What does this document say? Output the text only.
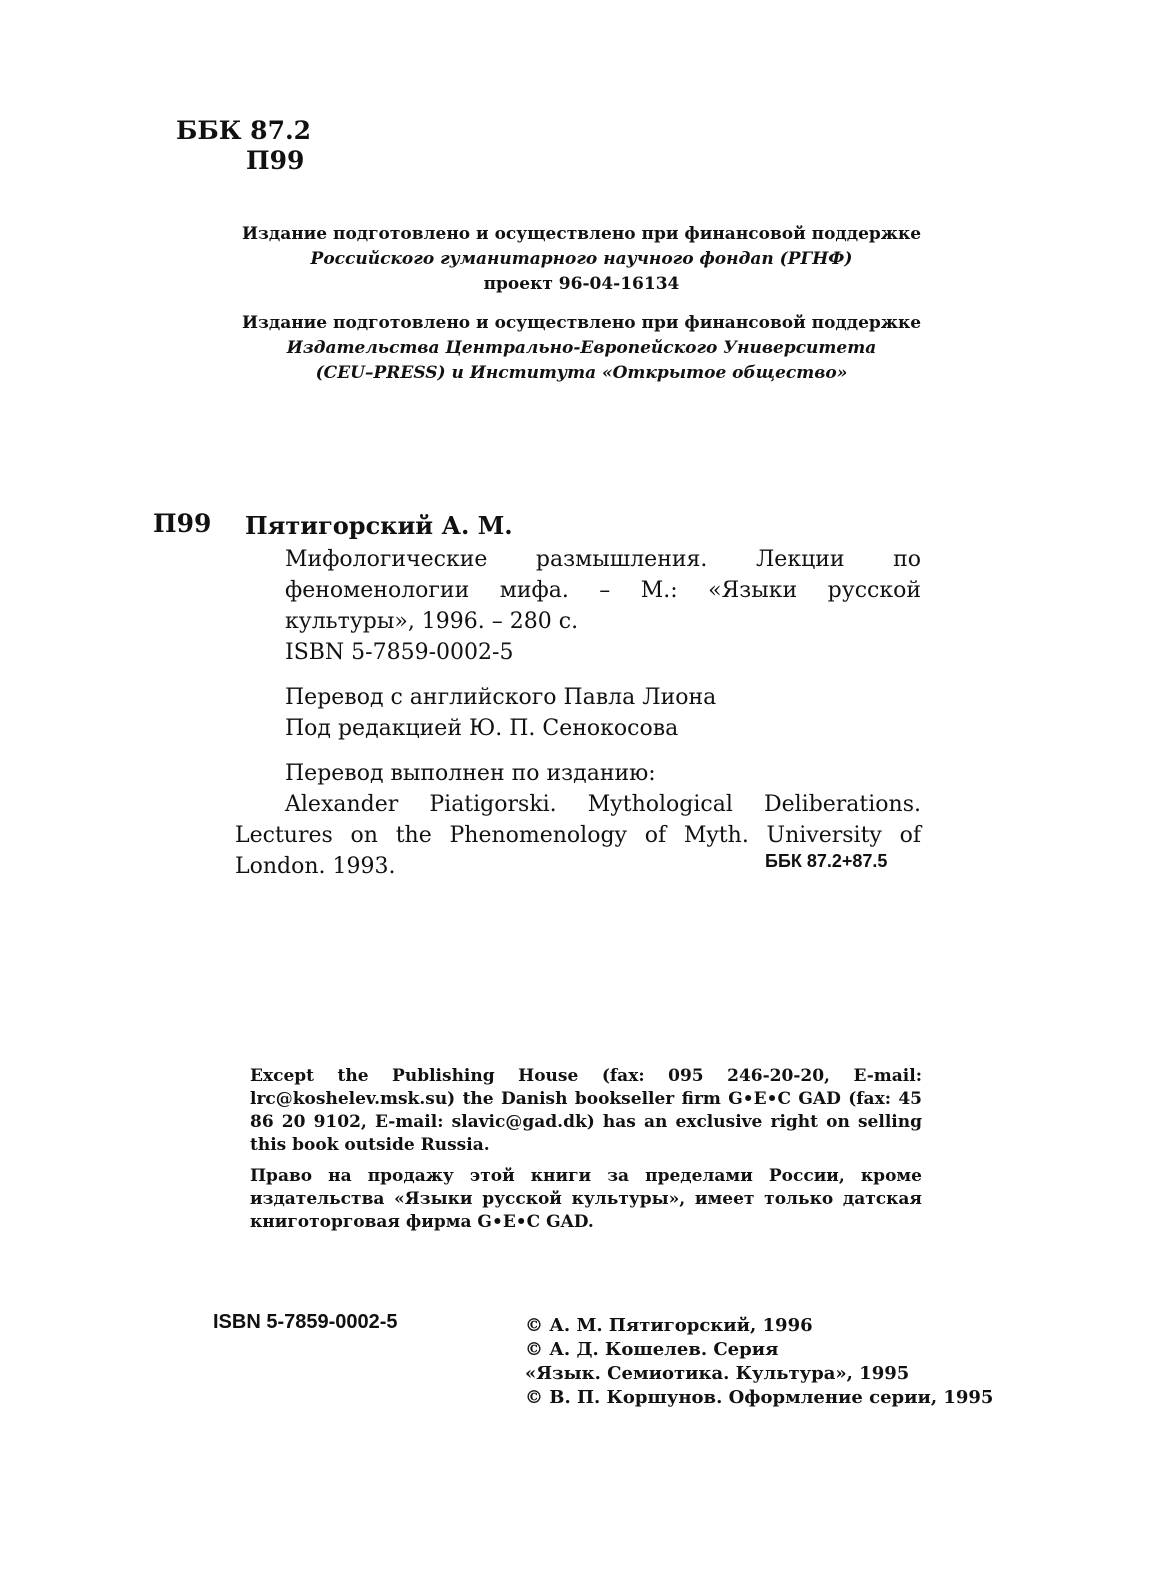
ББК 87.2
П99
Издание подготовлено и осуществлено при финансовой поддержке
Российского гуманитарного научного фондап (РГНФ)
проект 96-04-16134
Издание подготовлено и осуществлено при финансовой поддержке
Издательства Центрально-Европейского Университета
(CEU–PRESS) и Института «Открытое общество»
П99 Пятигорский А. М.

Мифологические размышления. Лекции по феноменологии мифа. – М.: «Языки русской культуры», 1996. – 280 с.

ISBN 5-7859-0002-5

Перевод с английского Павла Лиона

Под редакцией Ю. П. Сенокосова

Перевод выполнен по изданию:

Alexander Piatigorski. Mythological Deliberations. Lectures on the Phenomenology of Myth. University of London. 1993.	ББК 87.2+87.5

Except the Publishing House (fax: 095 246-20-20, E-mail: lrc@koshelev.msk.su) the Danish bookseller firm G•E•C GAD (fax: 45 86 20 9102, E-mail: slavic@gad.dk) has an exclusive right on selling this book outside Russia.

Право на продажу этой книги за пределами России, кроме издательства «Языки русской культуры», имеет только датская книготорговая фирма G•E•C GAD.

ISBN 5-7859-0002-5	© А. М. Пятигорский, 1996
© А. Д. Кошелев. Серия
«Язык. Семиотика. Культура», 1995
© В. П. Коршунов. Оформление серии, 1995
